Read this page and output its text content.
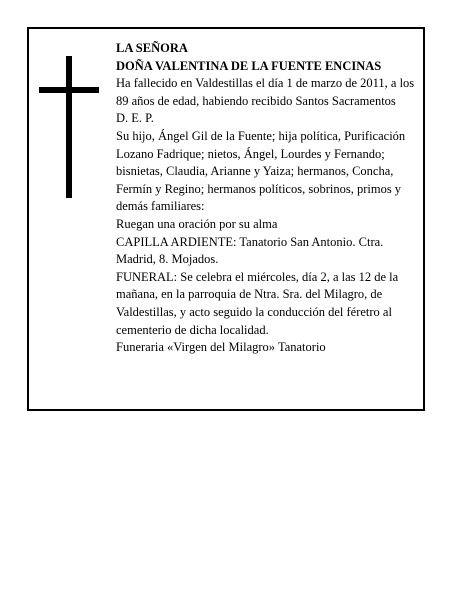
LA SEÑORA

DOÑA VALENTINA DE LA FUENTE ENCINAS

Ha fallecido en Valdestillas el día 1 de marzo de 2011, a los 89 años de edad, habiendo recibido Santos Sacramentos

D. E. P.

Su hijo, Ángel Gil de la Fuente; hija política, Purificación Lozano Fadrique; nietos, Ángel, Lourdes y Fernando; bisnietas, Claudia, Arianne y Yaiza; hermanos, Concha, Fermín y Regino; hermanos políticos, sobrinos, primos y demás familiares:

Ruegan una oración por su alma

CAPILLA ARDIENTE: Tanatorio San Antonio. Ctra. Madrid, 8. Mojados.

FUNERAL: Se celebra el miércoles, día 2, a las 12 de la mañana, en la parroquia de Ntra. Sra. del Milagro, de Valdestillas, y acto seguido la conducción del féretro al cementerio de dicha localidad.

Funeraria «Virgen del Milagro» Tanatorio
